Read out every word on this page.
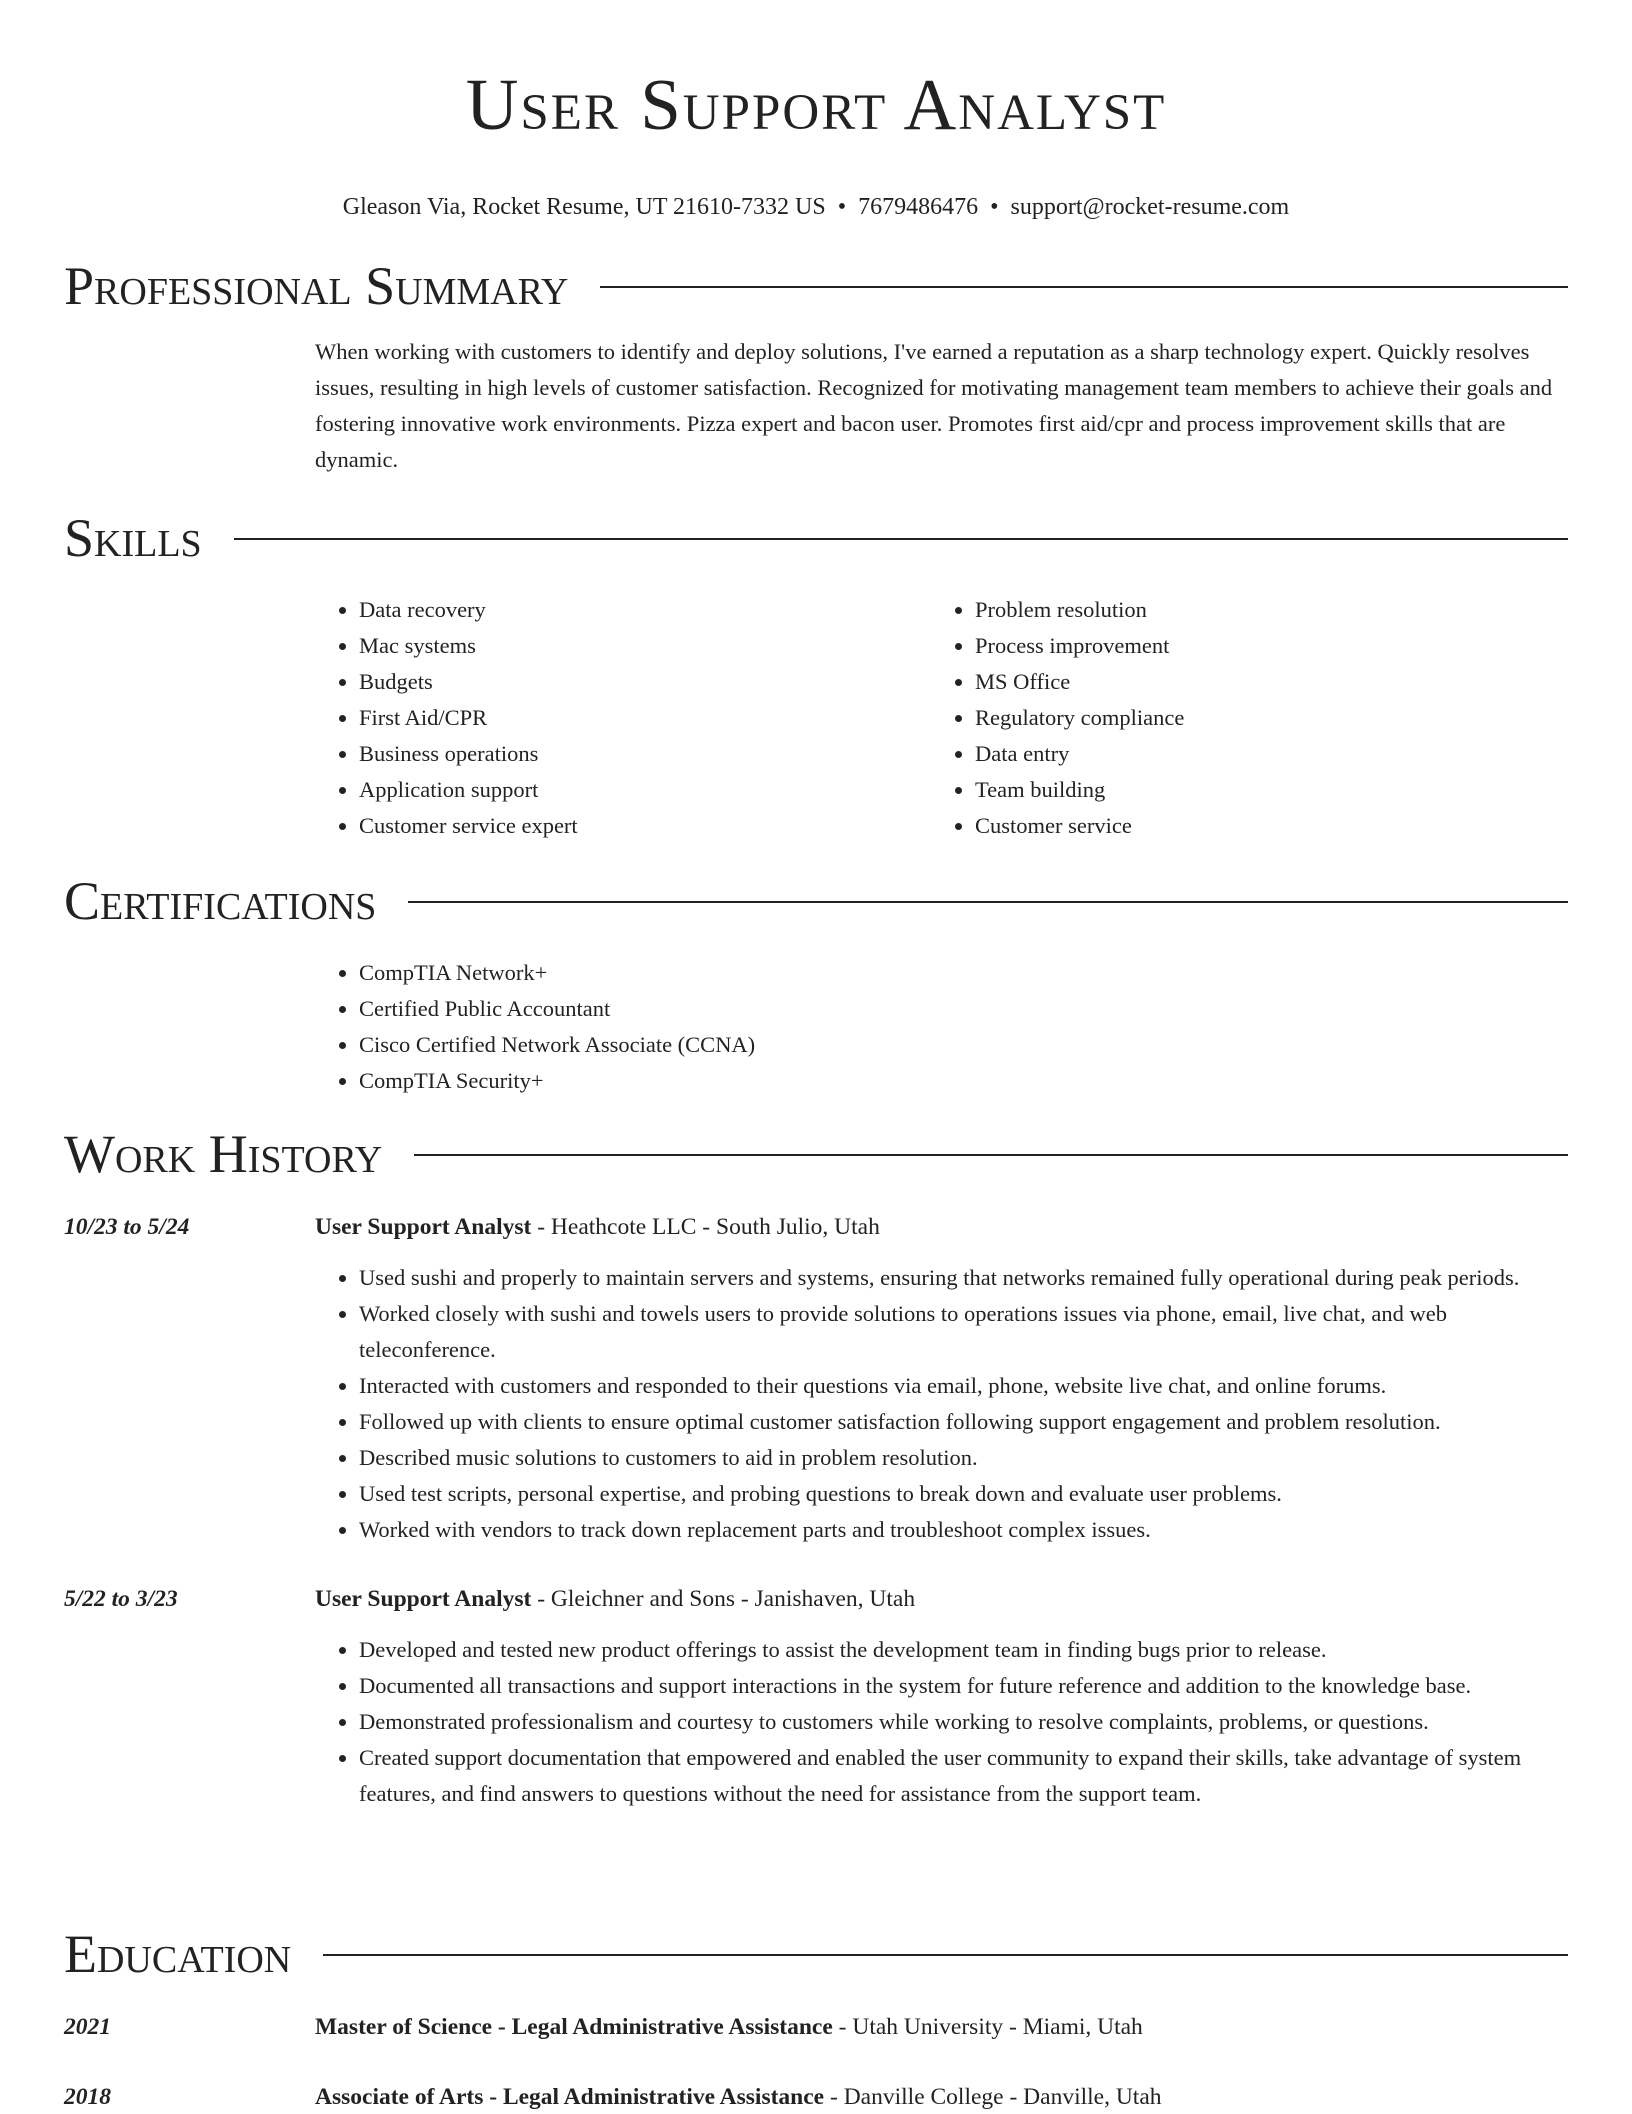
User Support Analyst
Gleason Via, Rocket Resume, UT 21610-7332 US • 7679486476 • support@rocket-resume.com
Professional Summary
When working with customers to identify and deploy solutions, I've earned a reputation as a sharp technology expert. Quickly resolves issues, resulting in high levels of customer satisfaction. Recognized for motivating management team members to achieve their goals and fostering innovative work environments. Pizza expert and bacon user. Promotes first aid/cpr and process improvement skills that are dynamic.
Skills
• Data recovery
• Mac systems
• Budgets
• First Aid/CPR
• Business operations
• Application support
• Customer service expert
• Problem resolution
• Process improvement
• MS Office
• Regulatory compliance
• Data entry
• Team building
• Customer service
Certifications
• CompTIA Network+
• Certified Public Accountant
• Cisco Certified Network Associate (CCNA)
• CompTIA Security+
Work History
10/23 to 5/24	User Support Analyst - Heathcote LLC - South Julio, Utah
• Used sushi and properly to maintain servers and systems, ensuring that networks remained fully operational during peak periods.
• Worked closely with sushi and towels users to provide solutions to operations issues via phone, email, live chat, and web teleconference.
• Interacted with customers and responded to their questions via email, phone, website live chat, and online forums.
• Followed up with clients to ensure optimal customer satisfaction following support engagement and problem resolution.
• Described music solutions to customers to aid in problem resolution.
• Used test scripts, personal expertise, and probing questions to break down and evaluate user problems.
• Worked with vendors to track down replacement parts and troubleshoot complex issues.
5/22 to 3/23	User Support Analyst - Gleichner and Sons - Janishaven, Utah
• Developed and tested new product offerings to assist the development team in finding bugs prior to release.
• Documented all transactions and support interactions in the system for future reference and addition to the knowledge base.
• Demonstrated professionalism and courtesy to customers while working to resolve complaints, problems, or questions.
• Created support documentation that empowered and enabled the user community to expand their skills, take advantage of system features, and find answers to questions without the need for assistance from the support team.
Education
2021	Master of Science - Legal Administrative Assistance - Utah University - Miami, Utah
2018	Associate of Arts - Legal Administrative Assistance - Danville College - Danville, Utah
